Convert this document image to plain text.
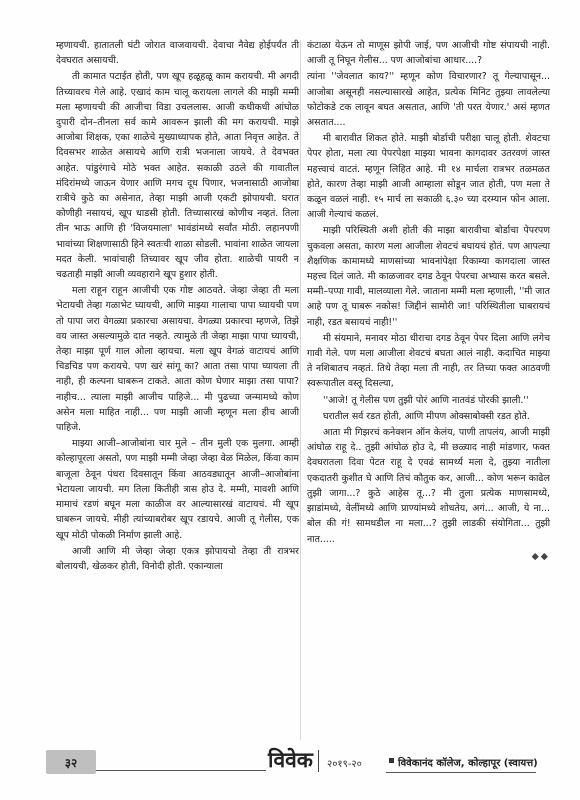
म्हणायची. हातातली घंटी जोरात वाजवायची. देवाचा नैवेद्य होईपर्यंत ती देवघरात असायची.

ती कामात पटाईत होती, पण खूप हळूहळू काम करायची. मी अगदी तिच्यावरच गेले आहे. एखादं काम चालू करायला लागले की माझी मम्मी मला म्हणायची की आजीचा विडा उचललास. आजी कधीकधी आंघोळ दुपारी दोन–तीनला सर्व कामे आवरून झाली की मग करायची. माझे आजोबा शिक्षक, एका शाळेचे मुख्याध्यापक होते, आता निवृत्त आहेत. ते दिवसभर शाळेत असायचे आणि रात्री भजनाला जायचे. ते देवभक्त आहेत. पांडुरंगाचे मोठे भक्त आहेत. सकाळी उठले की गावातील मंदिरांमध्ये जाऊन येणार आणि मगच दूध पिणार, भजनासाठी आजोबा रात्रीचे कुठे का असेनात, तेव्हा माझी आजी एकटी झोपायची. घरात कोणीही नसायचं, खूप धाडसी होती. तिच्यासारखं कोणीच नव्हतं. तिला तीन भाऊ आणि ही 'विजयमाला' भावंडांमध्ये सर्वांत मोठी. लहानपणी भावांच्या शिक्षणासाठी हिने स्वतःची शाळा सोडली. भावांना शाळेत जायला मदत केली. भावांचाही तिच्यावर खूप जीव होता. शाळेची पायरी न चढताही माझी आजी व्यवहाराने खूप हुशार होती.

मला राहून राहून आजीची एक गोष्ट आठवते. जेव्हा जेव्हा ती मला भेटायची तेव्हा गळाभेट घ्यायची, आणि माझ्या गालाचा पापा घ्यायची पण तो पापा जरा वेगळ्या प्रकारचा असायचा. वेगळ्या प्रकारचा म्हणजे, तिझे वय जास्त असल्यामुळे दात नव्हते. त्यामुळे ती जेव्हा माझा पापा घ्यायची, तेव्हा माझा पूर्ण गाल ओला व्हायचा. मला खूप वेगळं वाटायचं आणि चिडचिड पण करायचे. पण खरं सांगू का? आता तसा पापा घ्यायला ती नाही, ही कल्पना घाबरून टाकते. आता कोण घेणार माझा तसा पापा? नाहीच... त्याला माझी आजीच पाहिजे... मी पुढच्या जन्मामध्ये कोण असेन मला माहित नाही... पण माझी आजी म्हणून मला हीच आजी पाहिजे.

माझ्या आजी–आजोबांना चार मुले – तीन मुली एक मुलगा. आम्ही कोल्हापूरला असतो, पण माझी मम्मी जेव्हा जेव्हा वेळ मिळेल, किंवा काम बाजूला ठेवून पंधरा दिवसातून किंवा आठवड्यातून आजी–आजोबांना भेटायला जायची. मग तिला कितीही त्रास होउ दे. मम्मी, मावशी आणि मामाचं रडणं बघून मला काळीज वर आल्यासारखं वाटायचं. मी खूप घाबरून जायचे. मीही त्यांच्याबरोबर खूप रडायचे. आजी तू गेलीस, एक खूप मोठी पोकळी निर्माण झाली आहे.

आजी आणि मी जेव्हा जेव्हा एकत्र झोपायचो तेव्हा ती रात्रभर बोलायची, खेळकर होती, विनोदी होती. एकान्याला

कंटाळा येऊन तो माणूस झोपी जाई, पण आजीची गोष्ट संपायची नाही. आजी तू निघून गेलीस... पण आजोबांचा आधार....?

त्यांना ''जेवलात काय?'' म्हणून कोण विचारणार? तू गेल्यापासून... आजोबा असूनही नसल्यासारखे आहेत, प्रत्येक मिनिट तुझ्या लावलेल्या फोटोकडे टक लावून बघत असतात, आणि 'ती परत येणार.' असं म्हणत असतात....

मी बारावीत शिकत होते. माझी बोर्डाची परीक्षा चालू होती. शेवटचा पेपर होता, मला त्या पेपरपेक्षा माझ्या भावना कागदावर उतरवणं जास्त महत्त्वाचं वाटतं. म्हणून लिहित आहे. मी १४ मार्चला रात्रभर तळमळत होते, कारण तेव्हा माझी आजी आम्हाला सोडून जात होती, पण मला ते कळून वळलं नाही. १५ मार्च ला सकाळी ६.३० च्या दरम्यान फोन आला. आजी गेल्याचं कळलं.

माझी परिस्थिती अशी होती की माझा बारावीचा बोर्डाचा पेपरपण चुकवला असता, कारण मला आजीला शेवटचं बघायचं होतं. पण आपल्या शैक्षणिक कामामध्ये माणसांच्या भावनांपेक्षा रिकाम्या कागदाला जास्त महत्त्व दिलं जाते. मी काळजावर दगड ठेवून पेपरचा अभ्यास करत बसले. मम्मी–पप्पा गावी, मालव्याला गेले. जाताना मम्मी मला म्हणाली, ''मी जात आहे पण तू घाबरू नकोस! जिद्दीनं सामोरी जा! परिस्थितीला घाबरायचं नाही, रडत बसायचं नाही!''

मी संयमाने, मनावर मोठा धीराचा दगड ठेवून पेपर दिला आणि लगेच गावी गेले. पण मला आजीला शेवटचं बघता आलं नाही. कदाचित माझ्या ते नशिबातच नव्हतं. तिथे तेव्हा मला ती नाही, तर तिच्या फक्त आठवणी स्वरूपातील वस्तू दिसल्या,

''आजे! तू गेलीस पण तुझी पोरं आणि नातवंडं पोरकी झाली.''

घरातील सर्व रडत होती, आणि मीपण ओक्साबोक्सी रडत होते.

आता मी गिझरचं कनेक्शन ऑन केलंय, पाणी तापलंय, आजी माझी आंघोळ राहू दे.. तुझी आंघोळ होउ दे, मी छळ्याद नाही मांडणार, फक्त देवघरातला दिवा पेटत राहू दे एवढं सामर्थ्य मला दे, तुझ्या नातीला एकदातरी कुशीत घे आणि तिचं कौतुक कर, आजी... कोण भरून काढेल तुझी जागा...? कुठे आहेस तू...? मी तुला प्रत्येक माणसामध्ये, झाडांमध्ये, वेलींमध्ये आणि प्राण्यांमध्ये शोधतेय, अगं... आजी, ये ना... बोल की गं! सामधडील ना मला...? तुझी लाडकी संयोगिता... तुझी नात.....

◆◆

३२	विवेक २०१९-२०	विवेकानंद कॉलेज, कोल्हापूर (स्वायत्त)
